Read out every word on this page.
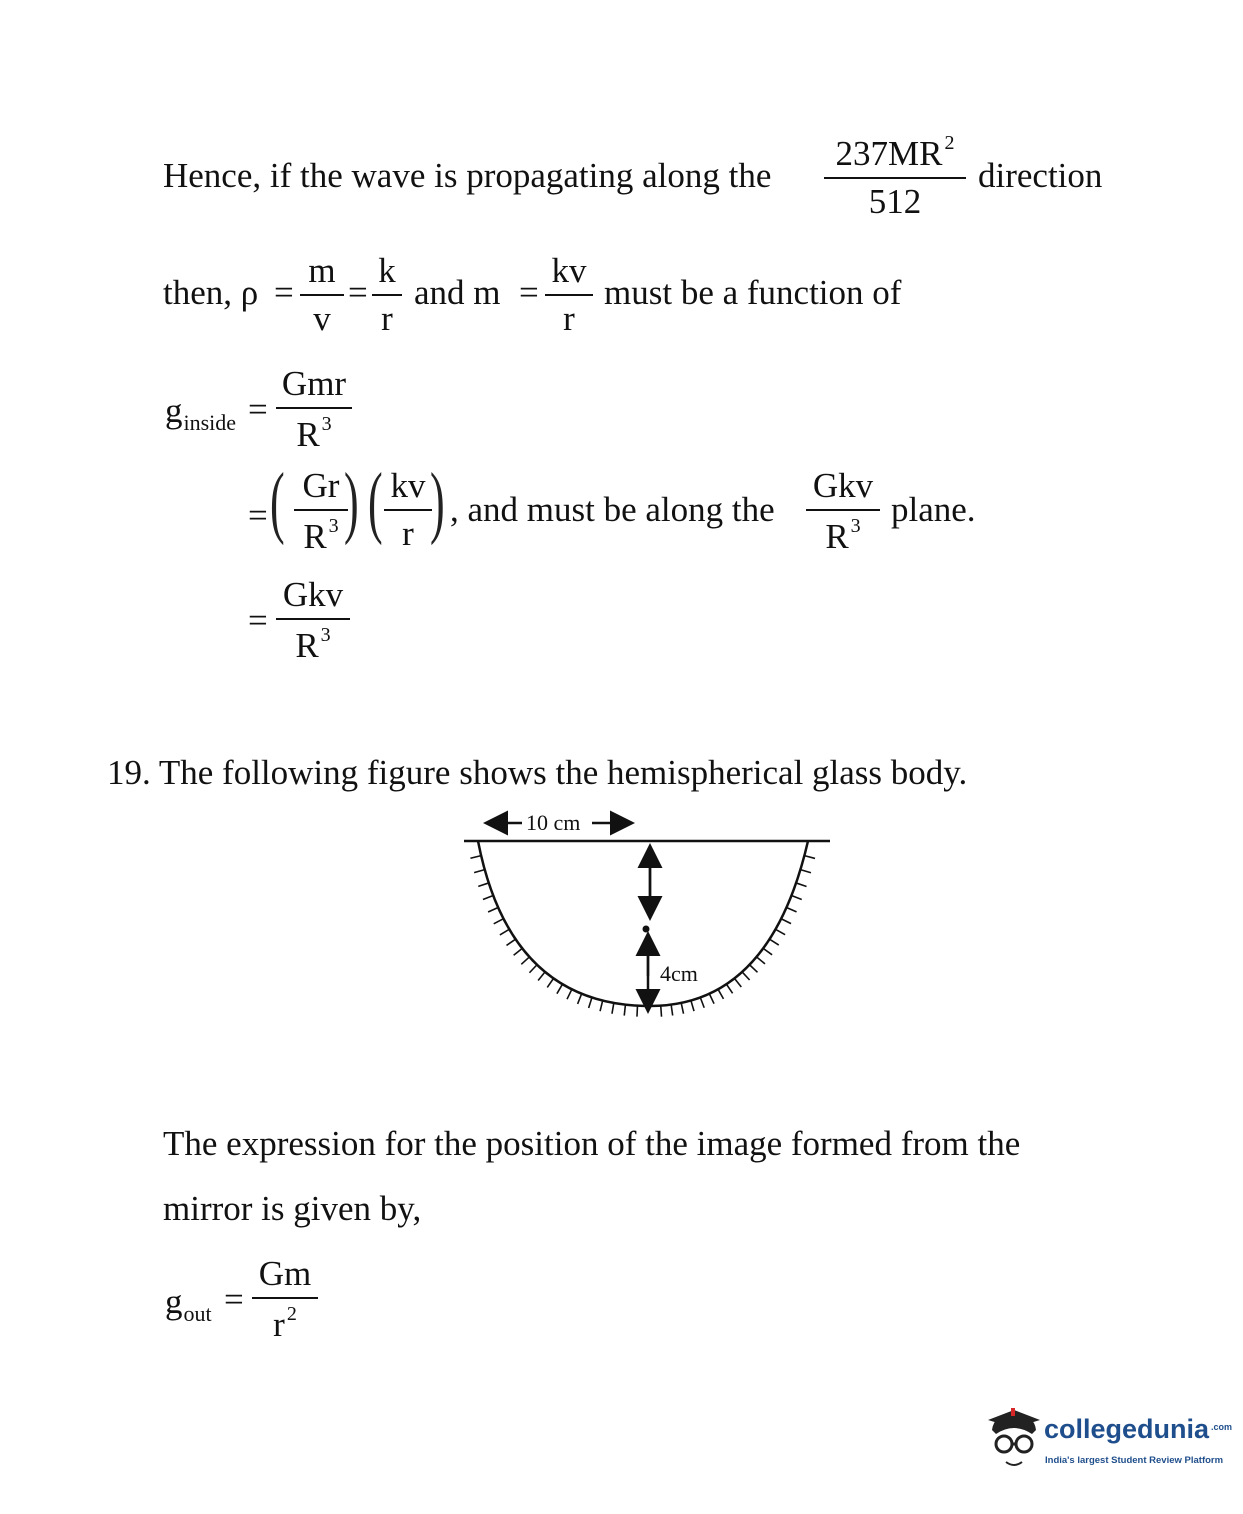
Hence, if the wave is propagating along the
237MR $^2$
512
direction
then, ρ =
m
v
=
k
r
and m =
kv
r
must be a function of
$g_{inside}$ =
Gmr
R $^3$
= ( Gr
R $^3$ ) ( kv
r ) , and must be along the
Gkv
R $^3$ plane.
=
Gkv
R $^3$
19. The following figure shows the hemispherical glass body.
10 cm
4cm
The expression for the position of the image formed from the
mirror is given by,
$g_{out}$ =
Gm
r $^2$
collegedunia $^{.com}$
India's largest Student Review Platform
